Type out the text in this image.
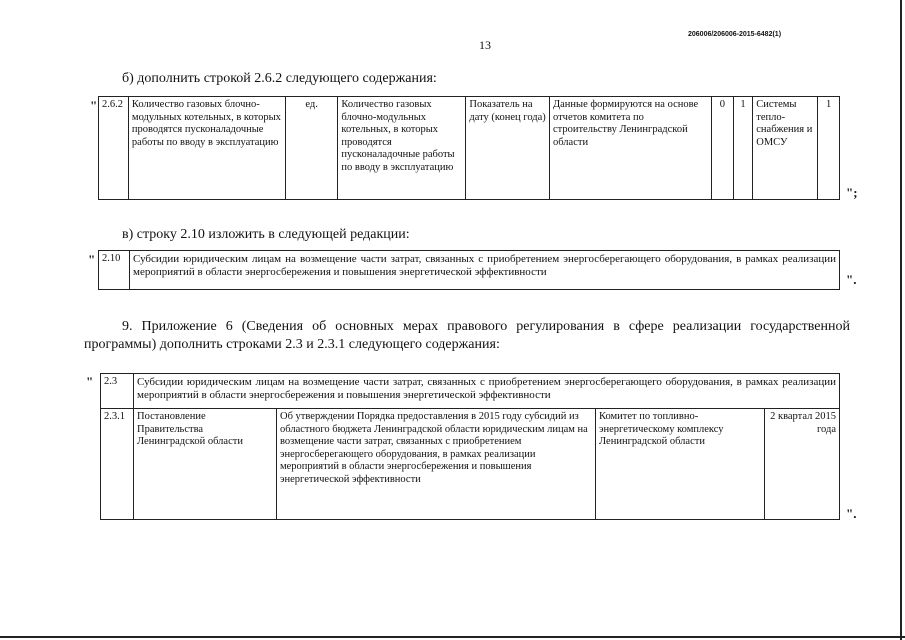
206006/206006-2015-6482(1)
13
б) дополнить строкой 2.6.2 следующего содержания:
" 2.6.2	Количество газовых блочно-модульных котельных, в которых проводятся пусконаладочные работы по вводу в эксплуатацию	ед.	Количество газовых блочно-модульных котельных, в которых проводятся пусконаладочные работы по вводу в эксплуатацию	Показатель на дату (конец года)	Данные формируются на основе отчетов комитета по строительству Ленинградской области	0	1	Системы тепло-снабжения и ОМСУ	1
";
в) строку 2.10 изложить в следующей редакции:
" 2.10	Субсидии юридическим лицам на возмещение части затрат, связанных с приобретением энергосберегающего оборудования, в рамках реализации мероприятий в области энергосбережения и повышения энергетической эффективности	".
9. Приложение 6 (Сведения об основных мерах правового регулирования в сфере реализации государственной программы) дополнить строками 2.3 и 2.3.1 следующего содержания:
" 2.3	Субсидии юридическим лицам на возмещение части затрат, связанных с приобретением энергосберегающего оборудования, в рамках реализации мероприятий в области энергосбережения и повышения энергетической эффективности			
2.3.1	Постановление Правительства Ленинградской области	Об утверждении Порядка предоставления в 2015 году субсидий из областного бюджета Ленинградской области юридическим лицам на возмещение части затрат, связанных с приобретением энергосберегающего оборудования, в рамках реализации мероприятий в области энергосбережения и повышения энергетической эффективности	Комитет по топливно-энергетическому комплексу Ленинградской области	2 квартал 2015 года
".
